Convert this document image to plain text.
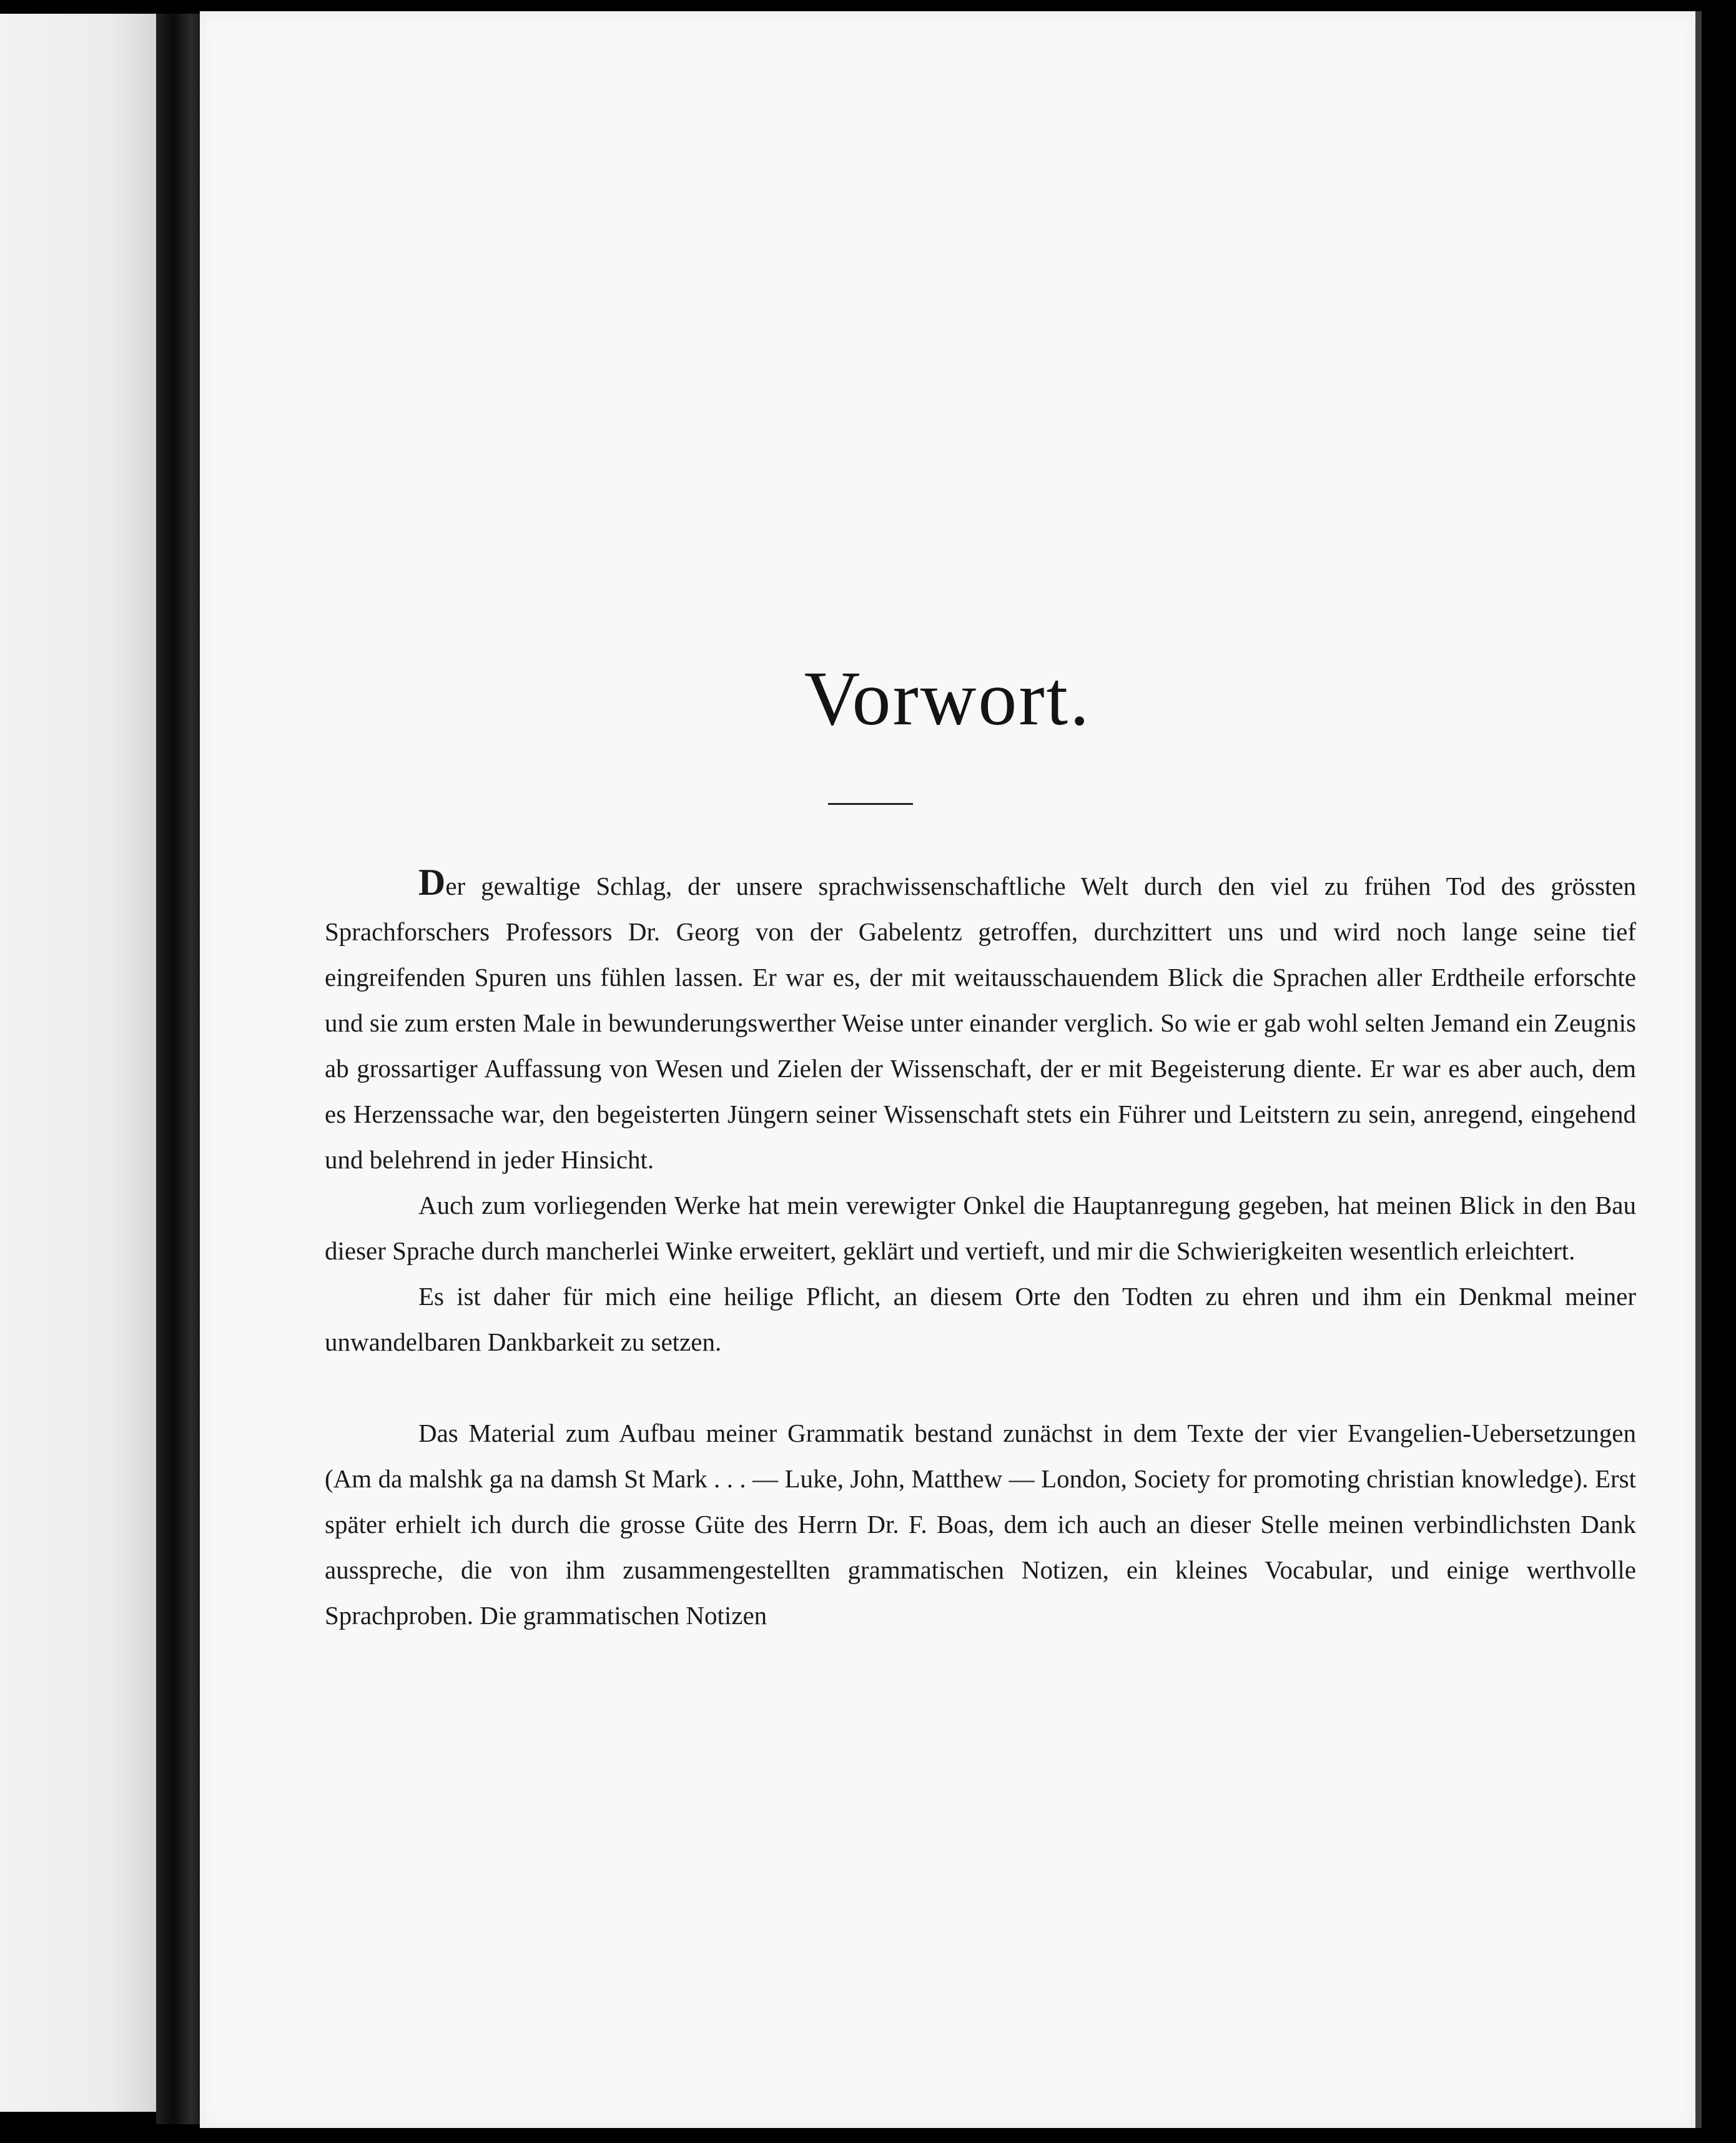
Vorwort.

Der gewaltige Schlag, der unsere sprachwissenschaftliche Welt durch den viel zu frühen Tod des grössten Sprachforschers Professors Dr. Georg von der Gabelentz getroffen, durchzittert uns und wird noch lange seine tief eingreifenden Spuren uns fühlen lassen. Er war es, der mit weitausschauendem Blick die Sprachen aller Erdtheile erforschte und sie zum ersten Male in bewunderungswerther Weise unter einander verglich. So wie er gab wohl selten Jemand ein Zeugnis ab grossartiger Auffassung von Wesen und Zielen der Wissenschaft, der er mit Begeisterung diente. Er war es aber auch, dem es Herzenssache war, den begeisterten Jüngern seiner Wissenschaft stets ein Führer und Leitstern zu sein, anregend, eingehend und belehrend in jeder Hinsicht.

Auch zum vorliegenden Werke hat mein verewigter Onkel die Hauptanregung gegeben, hat meinen Blick in den Bau dieser Sprache durch mancherlei Winke erweitert, geklärt und vertieft, und mir die Schwierigkeiten wesentlich erleichtert.

Es ist daher für mich eine heilige Pflicht, an diesem Orte den Todten zu ehren und ihm ein Denkmal meiner unwandelbaren Dankbarkeit zu setzen.

Das Material zum Aufbau meiner Grammatik bestand zunächst in dem Texte der vier Evangelien-Uebersetzungen (Am da malshk ga na damsh St Mark . . . — Luke, John, Matthew — London, Society for promoting christian knowledge). Erst später erhielt ich durch die grosse Güte des Herrn Dr. F. Boas, dem ich auch an dieser Stelle meinen verbindlichsten Dank ausspreche, die von ihm zusammengestellten grammatischen Notizen, ein kleines Vocabular, und einige werthvolle Sprachproben. Die grammatischen Notizen
